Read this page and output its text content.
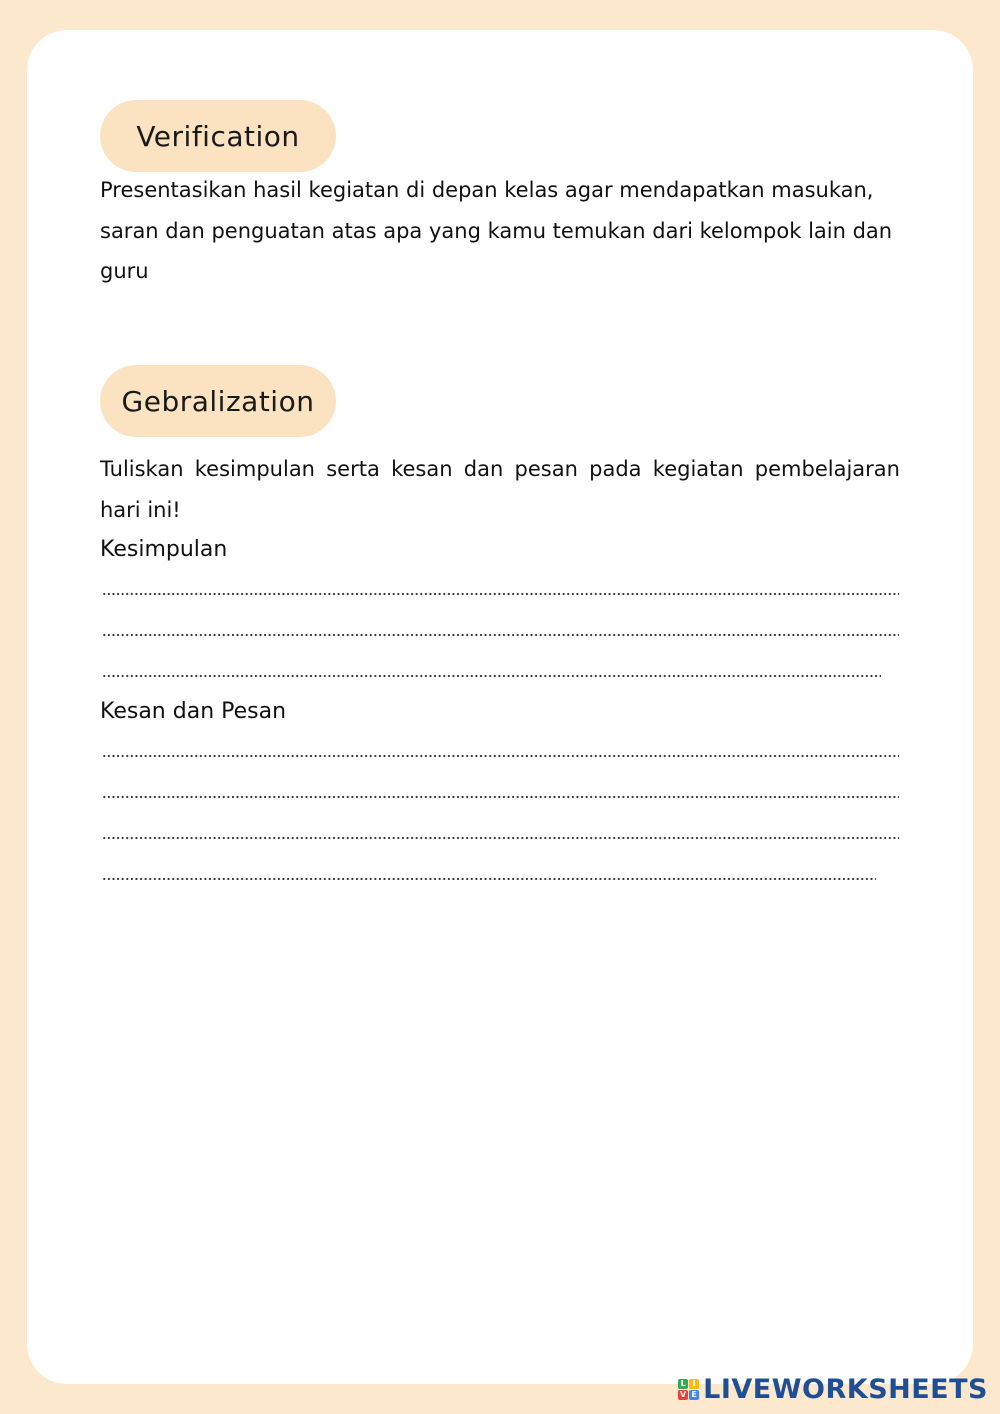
Verification

Presentasikan hasil kegiatan di depan kelas agar mendapatkan masukan, saran dan penguatan atas apa yang kamu temukan dari kelompok lain dan guru

Gebralization

Tuliskan kesimpulan serta kesan dan pesan pada kegiatan pembelajaran hari ini!

Kesimpulan

Kesan dan Pesan

L I
V E LIVEWORKSHEETS
